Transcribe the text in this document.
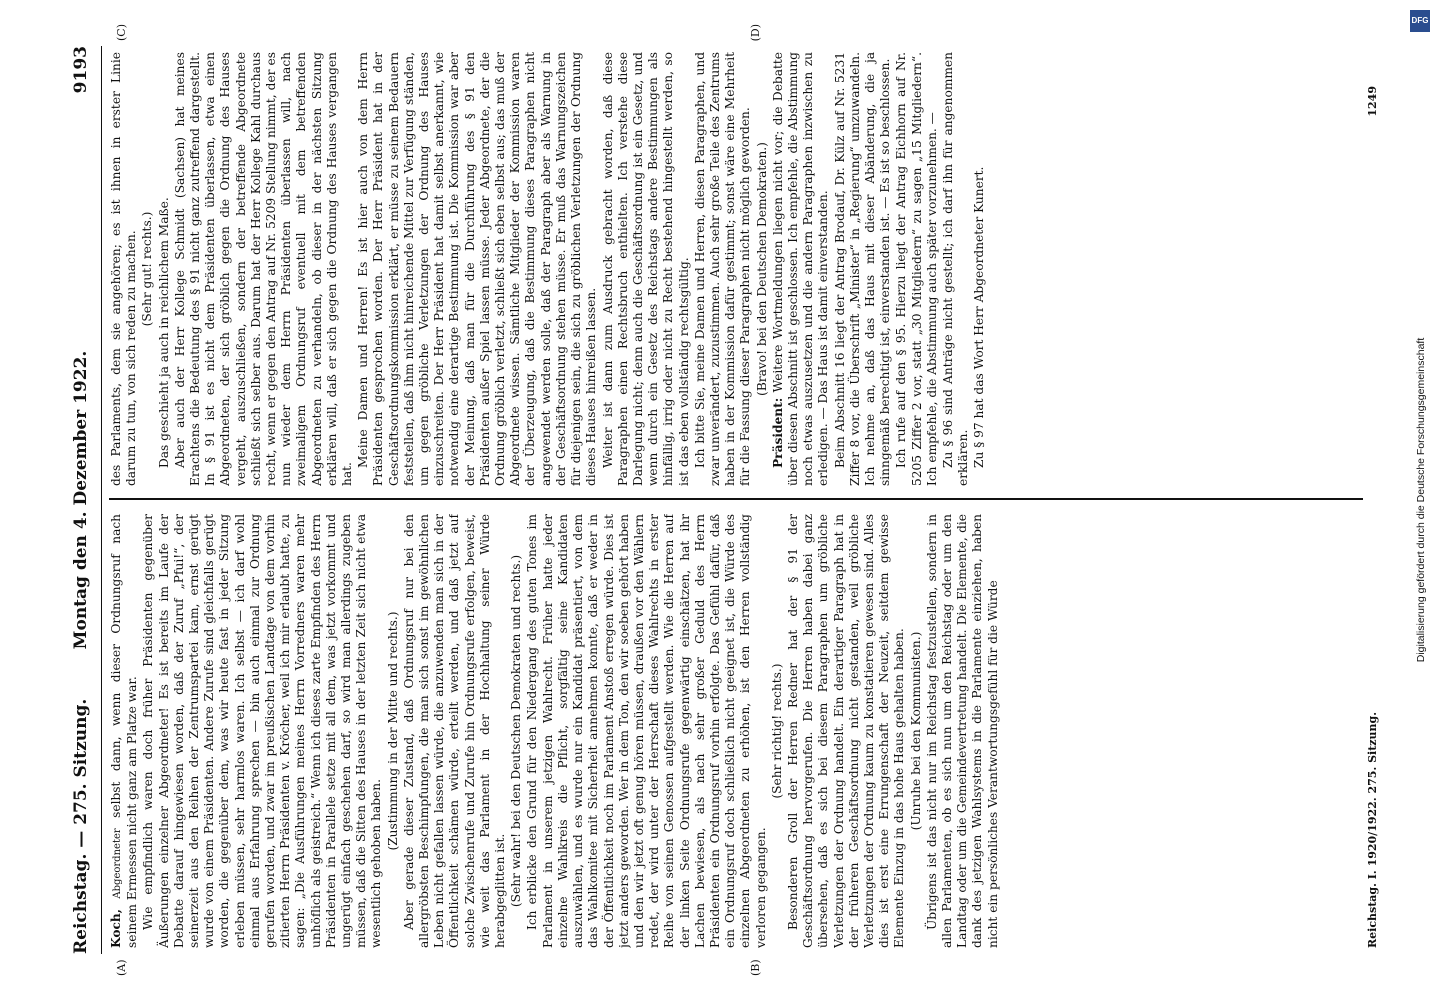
Reichstag. — 275. Sitzung.
Montag den 4. Dezember 1922.
9193
(A)	(B)
(C)	(D)

Koch, Abgeordneter selbst dann, wenn dieser Ordnungsruf nach seinem Ermessen nicht ganz am Platze war. Wie empfindlich waren doch früher Präsidenten gegenüber Äußerungen einzelner Abgeordneter! Es ist bereits im Laufe der Debatte darauf hingewiesen worden, daß der Zuruf „Pfui!“, der seinerzeit aus den Reihen der Zentrumspartei kam, ernst gerügt wurde von einem Präsidenten. Andere Zurufe sind gleichfalls gerügt worden, die gegenüber dem, was wir heute fast in jeder Sitzung erleben müssen, sehr harmlos waren. Ich selbst — ich darf wohl einmal aus Erfahrung sprechen — bin auch einmal zur Ordnung gerufen worden, und zwar im preußischen Landtage von dem vorhin zitierten Herrn Präsidenten v. Kröcher, weil ich mir erlaubt hatte, zu sagen: „Die Ausführungen meines Herrn Vorredners waren mehr unhöflich als geistreich.“ Wenn ich dieses zarte Empfinden des Herrn Präsidenten in Parallele setze mit all dem, was jetzt vorkommt und ungerügt einfach geschehen darf, so wird man allerdings zugeben müssen, daß die Sitten des Hauses in der letzten Zeit sich nicht etwa wesentlich gehoben haben.

(Zustimmung in der Mitte und rechts.) Aber gerade dieser Zustand, daß Ordnungsruf nur bei den allergröbsten Beschimpfungen, die man sich sonst im gewöhnlichen Leben nicht gefallen lassen würde, die anzuwenden man sich in der Öffentlichkeit schämen würde, erteilt werden, und daß jetzt auf solche Zwischenrufe und Zurufe hin Ordnungsrufe erfolgen, beweist, wie weit das Parlament in der Hochhaltung seiner Würde herabgeglitten ist. (Sehr wahr! bei den Deutschen Demokraten und rechts.) Ich erblicke den Grund für den Niedergang des guten Tones im Parlament in unserem jetzigen Wahlrecht. Früher hatte jeder einzelne Wahlkreis die Pflicht, sorgfältig seine Kandidaten auszuwählen, und es wurde nur ein Kandidat präsentiert, von dem das Wahlkomitee mit Sicherheit annehmen konnte, daß er weder in der Öffentlichkeit noch im Parlament Anstoß erregen würde. Dies ist jetzt anders geworden. Wer in dem Ton, den wir soeben gehört haben und den wir jetzt oft genug hören müssen, draußen vor den Wählern redet, der wird unter der Herrschaft dieses Wahlrechts in erster Reihe von seinen Genossen aufgestellt werden. Wie die Herren auf der linken Seite Ordnungsrufe gegenwärtig einschätzen, hat ihr Lachen bewiesen, als nach sehr großer Geduld des Herrn Präsidenten ein Ordnungsruf vorhin erfolgte. Das Gefühl dafür, daß ein Ordnungsruf doch schließlich nicht geeignet ist, die Würde des einzelnen Abgeordneten zu erhöhen, ist den Herren vollständig verloren gegangen.

(Sehr richtig! rechts.) Besonderen Groll der Herren Redner hat der § 91 der Geschäftsordnung hervorgerufen. Die Herren haben dabei ganz übersehen, daß es sich bei diesem Paragraphen um gröbliche Verletzungen der Ordnung handelt. Ein derartiger Paragraph hat in der früheren Geschäftsordnung nicht gestanden, weil gröbliche Verletzungen der Ordnung kaum zu konstatieren gewesen sind. Alles dies ist erst eine Errungenschaft der Neuzeit, seitdem gewisse Elemente Einzug in das hohe Haus gehalten haben. (Unruhe bei den Kommunisten.) Übrigens ist das nicht nur im Reichstag festzustellen, sondern in allen Parlamenten, ob es sich nun um den Reichstag oder um den Landtag oder um die Gemeindevertretung handelt. Die Elemente, die dank des jetzigen Wahlsystems in die Parlamente einziehen, haben nicht ein persönliches Verantwortungsgefühl für die Würde

des Parlaments, dem sie angehören; es ist ihnen in erster Linie darum zu tun, von sich reden zu machen. (Sehr gut! rechts.) Das geschieht ja auch in reichlichem Maße. Aber auch der Herr Kollege Schmidt (Sachsen) hat meines Erachtens die Bedeutung des § 91 nicht ganz zutreffend dargestellt. In § 91 ist es nicht dem Präsidenten überlassen, etwa einen Abgeordneten, der sich gröblich gegen die Ordnung des Hauses vergeht, auszuschließen, sondern der betreffende Abgeordnete schließt sich selber aus. Darum hat der Herr Kollege Kahl durchaus recht, wenn er gegen den Antrag auf Nr. 5209 Stellung nimmt, der es nun wieder dem Herrn Präsidenten überlassen will, nach zweimaligem Ordnungsruf eventuell mit dem betreffenden Abgeordneten zu verhandeln, ob dieser in der nächsten Sitzung erklären will, daß er sich gegen die Ordnung des Hauses vergangen hat.

Meine Damen und Herren! Es ist hier auch von dem Herrn Präsidenten gesprochen worden. Der Herr Präsident hat in der Geschäftsordnungskommission erklärt, er müsse zu seinem Bedauern feststellen, daß ihm nicht hinreichende Mittel zur Verfügung ständen, um gegen gröbliche Verletzungen der Ordnung des Hauses einzuschreiten. Der Herr Präsident hat damit selbst anerkannt, wie notwendig eine derartige Bestimmung ist. Die Kommission war aber der Meinung, daß man für die Durchführung des § 91 den Präsidenten außer Spiel lassen müsse. Jeder Abgeordnete, der die Ordnung gröblich verletzt, schließt sich eben selbst aus; das muß der Abgeordnete wissen. Sämtliche Mitglieder der Kommission waren der Überzeugung, daß die Bestimmung dieses Paragraphen nicht angewendet werden solle, daß der Paragraph aber als Warnung in der Geschäftsordnung stehen müsse. Er muß das Warnungszeichen für diejenigen sein, die sich zu gröblichen Verletzungen der Ordnung dieses Hauses hinreißen lassen. Weiter ist dann zum Ausdruck gebracht worden, daß diese Paragraphen einen Rechtsbruch enthielten. Ich verstehe diese Darlegung nicht; denn auch die Geschäftsordnung ist ein Gesetz, und wenn durch ein Gesetz des Reichstags andere Bestimmungen als hinfällig, irrig oder nicht zu Recht bestehend hingestellt werden, so ist das eben vollständig rechtsgültig. Ich bitte Sie, meine Damen und Herren, diesen Paragraphen, und zwar unverändert, zuzustimmen. Auch sehr große Teile des Zentrums haben in der Kommission dafür gestimmt; sonst wäre eine Mehrheit für die Fassung dieser Paragraphen nicht möglich geworden. (Bravo! bei den Deutschen Demokraten.)

Präsident: Weitere Wortmeldungen liegen nicht vor; die Debatte über diesen Abschnitt ist geschlossen. Ich empfehle, die Abstimmung noch etwas auszusetzen und die andern Paragraphen inzwischen zu erledigen. — Das Haus ist damit einverstanden. Beim Abschnitt 16 liegt der Antrag Brodauf, Dr. Külz auf Nr. 5231 Ziffer 8 vor, die Überschrift „Minister“ in „Regierung“ umzuwandeln. Ich nehme an, daß das Haus mit dieser Abänderung, die ja sinngemäß berechtigt ist, einverstanden ist. — Es ist so beschlossen. Ich rufe auf den § 95. Hierzu liegt der Antrag Eichhorn auf Nr. 5205 Ziffer 2 vor, statt „30 Mitgliedern“ zu sagen „15 Mitgliedern“. Ich empfehle, die Abstimmung auch später vorzunehmen. — Zu § 96 sind Anträge nicht gestellt; ich darf ihn für angenommen erklären. Zu § 97 hat das Wort Herr Abgeordneter Kunert.

Reichstag. I. 1920/1922. 275. Sitzung.
1249
DFG
Digitalisierung gefördert durch die Deutsche Forschungsgemeinschaft
